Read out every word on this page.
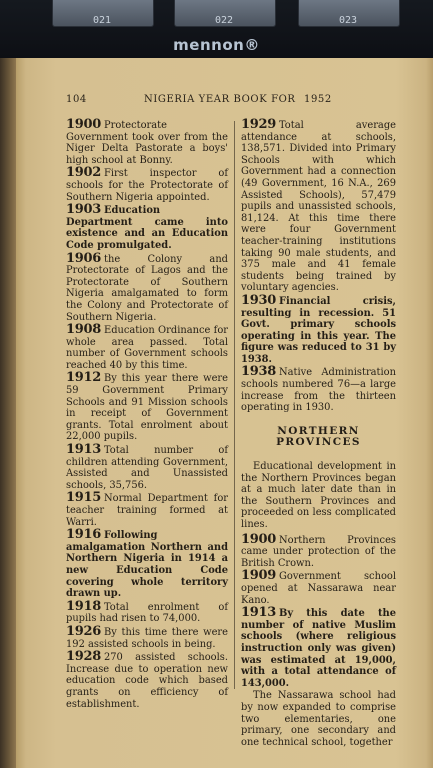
021	022	023
mennon®
104	NIGERIA YEAR BOOK FOR 1952
1900 Protectorate Government took over from the Niger Delta Pastorate a boys' high school at Bonny.
1902 First inspector of schools for the Protectorate of Southern Nigeria appointed.
1903 Education Department came into existence and an Education Code promulgated.
1906 the Colony and Protectorate of Lagos and the Protectorate of Southern Nigeria amalgamated to form the Colony and Protectorate of Southern Nigeria.
1908 Education Ordinance for whole area passed. Total number of Government schools reached 40 by this time.
1912 By this year there were 59 Government Primary Schools and 91 Mission schools in receipt of Government grants. Total enrolment about 22,000 pupils.
1913 Total number of children attending Government, Assisted and Unassisted schools, 35,756.
1915 Normal Department for teacher training formed at Warri.
1916 Following amalgamation Northern and Northern Nigeria in 1914 a new Education Code covering whole territory drawn up.
1918 Total enrolment of pupils had risen to 74,000.
1926 By this time there were 192 assisted schools in being.
1928 270 assisted schools. Increase due to operation new education code which based grants on efficiency of establishment.
1929 Total average attendance at schools, 138,571. Divided into Primary Schools with which Government had a connection (49 Government, 16 N.A., 269 Assisted Schools), 57,479 pupils and unassisted schools, 81,124. At this time there were four Government teacher-training institutions taking 90 male students, and 375 male and 41 female students being trained by voluntary agencies.
1930 Financial crisis, resulting in recession. 51 Govt. primary schools operating in this year. The figure was reduced to 31 by 1938.
1938 Native Administration schools numbered 76—a large increase from the thirteen operating in 1930.
NORTHERN PROVINCES
Educational development in the Northern Provinces began at a much later date than in the Southern Provinces and proceeded on less complicated lines.
1900 Northern Provinces came under protection of the British Crown.
1909 Government school opened at Nassarawa near Kano.
1913 By this date the number of native Muslim schools (where religious instruction only was given) was estimated at 19,000, with a total attendance of 143,000.
The Nassarawa school had by now expanded to comprise two elementaries, one primary, one secondary and one technical school, together
